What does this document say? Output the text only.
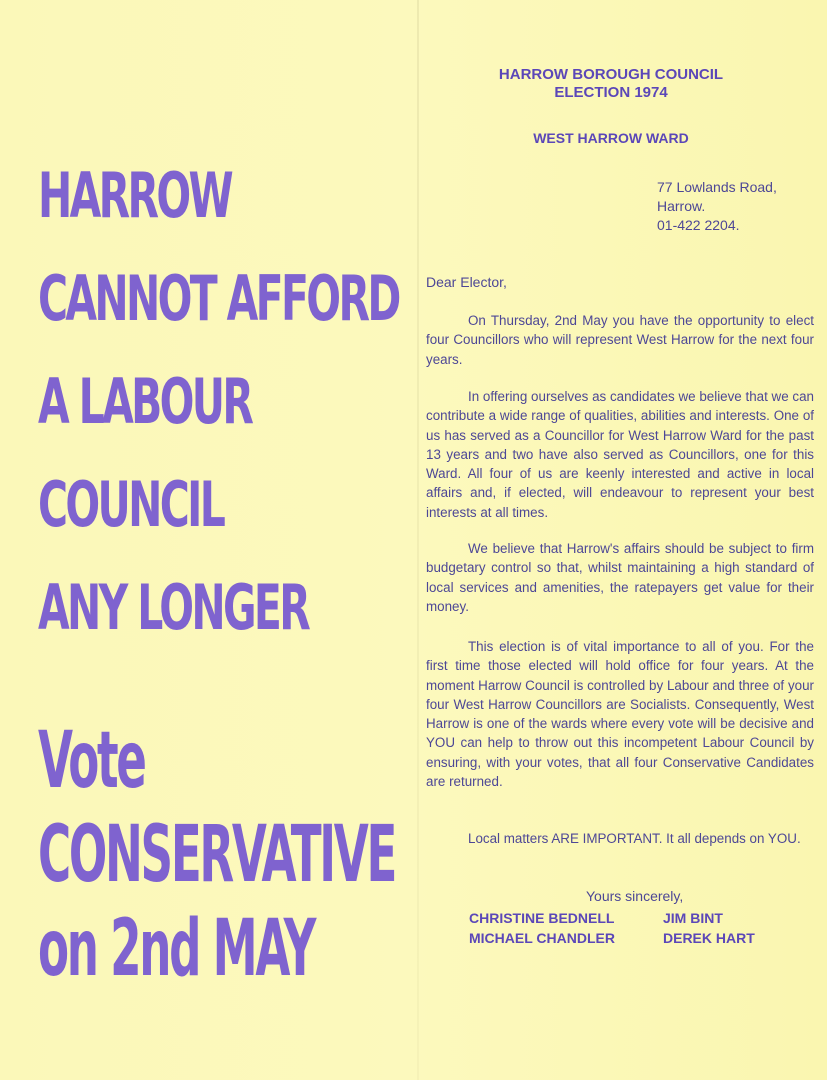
HARROW
CANNOT AFFORD
A LABOUR
COUNCIL
ANY LONGER
Vote
CONSERVATIVE
on 2nd MAY
HARROW BOROUGH COUNCIL
ELECTION 1974
WEST HARROW WARD
77 Lowlands Road,
Harrow.
01-422 2204.
Dear Elector,
On Thursday, 2nd May you have the opportunity to elect four Councillors who will represent West Harrow for the next four years.
In offering ourselves as candidates we believe that we can contribute a wide range of qualities, abilities and interests. One of us has served as a Councillor for West Harrow Ward for the past 13 years and two have also served as Councillors, one for this Ward. All four of us are keenly interested and active in local affairs and, if elected, will endeavour to represent your best interests at all times.
We believe that Harrow's affairs should be subject to firm budgetary control so that, whilst maintaining a high standard of local services and amenities, the ratepayers get value for their money.
This election is of vital importance to all of you. For the first time those elected will hold office for four years. At the moment Harrow Council is controlled by Labour and three of your four West Harrow Councillors are Socialists. Consequently, West Harrow is one of the wards where every vote will be decisive and YOU can help to throw out this incompetent Labour Council by ensuring, with your votes, that all four Conservative Candidates are returned.
Local matters ARE IMPORTANT. It all depends on YOU.
Yours sincerely,
CHRISTINE BEDNELL	JIM BINT
MICHAEL CHANDLER	DEREK HART
